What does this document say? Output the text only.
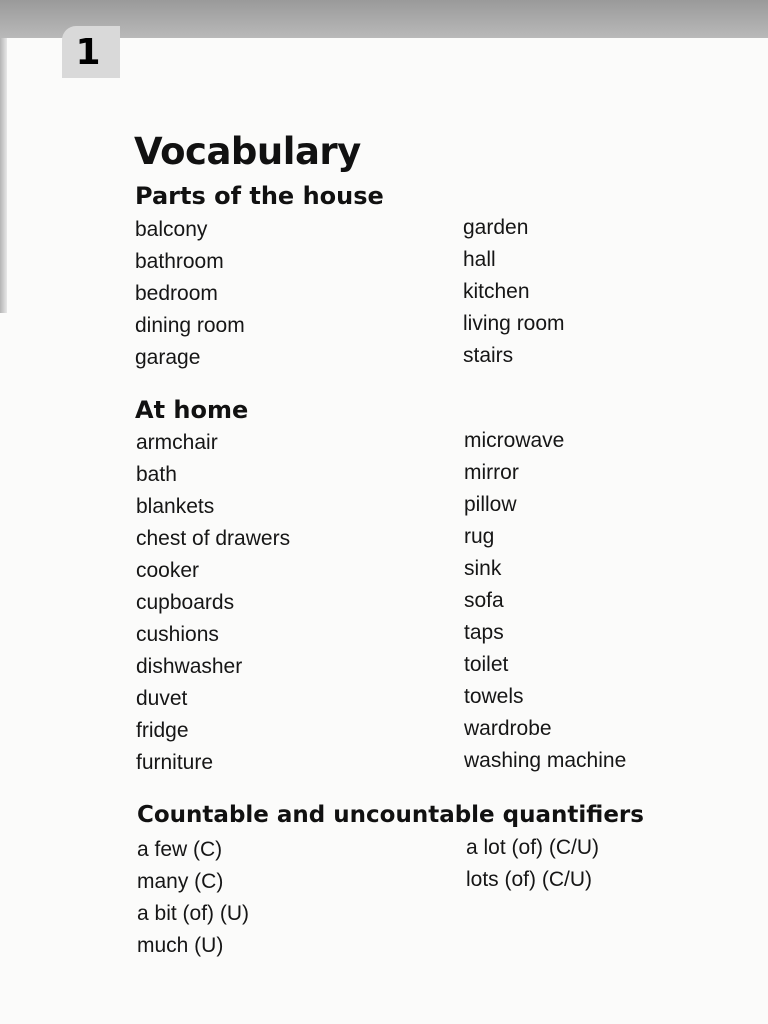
1
Vocabulary
Parts of the house
balcony
bathroom
bedroom
dining room
garage
garden
hall
kitchen
living room
stairs
At home
armchair
bath
blankets
chest of drawers
cooker
cupboards
cushions
dishwasher
duvet
fridge
furniture
microwave
mirror
pillow
rug
sink
sofa
taps
toilet
towels
wardrobe
washing machine
Countable and uncountable quantifiers
a few (C)
many (C)
a bit (of) (U)
much (U)
a lot (of) (C/U)
lots (of) (C/U)
